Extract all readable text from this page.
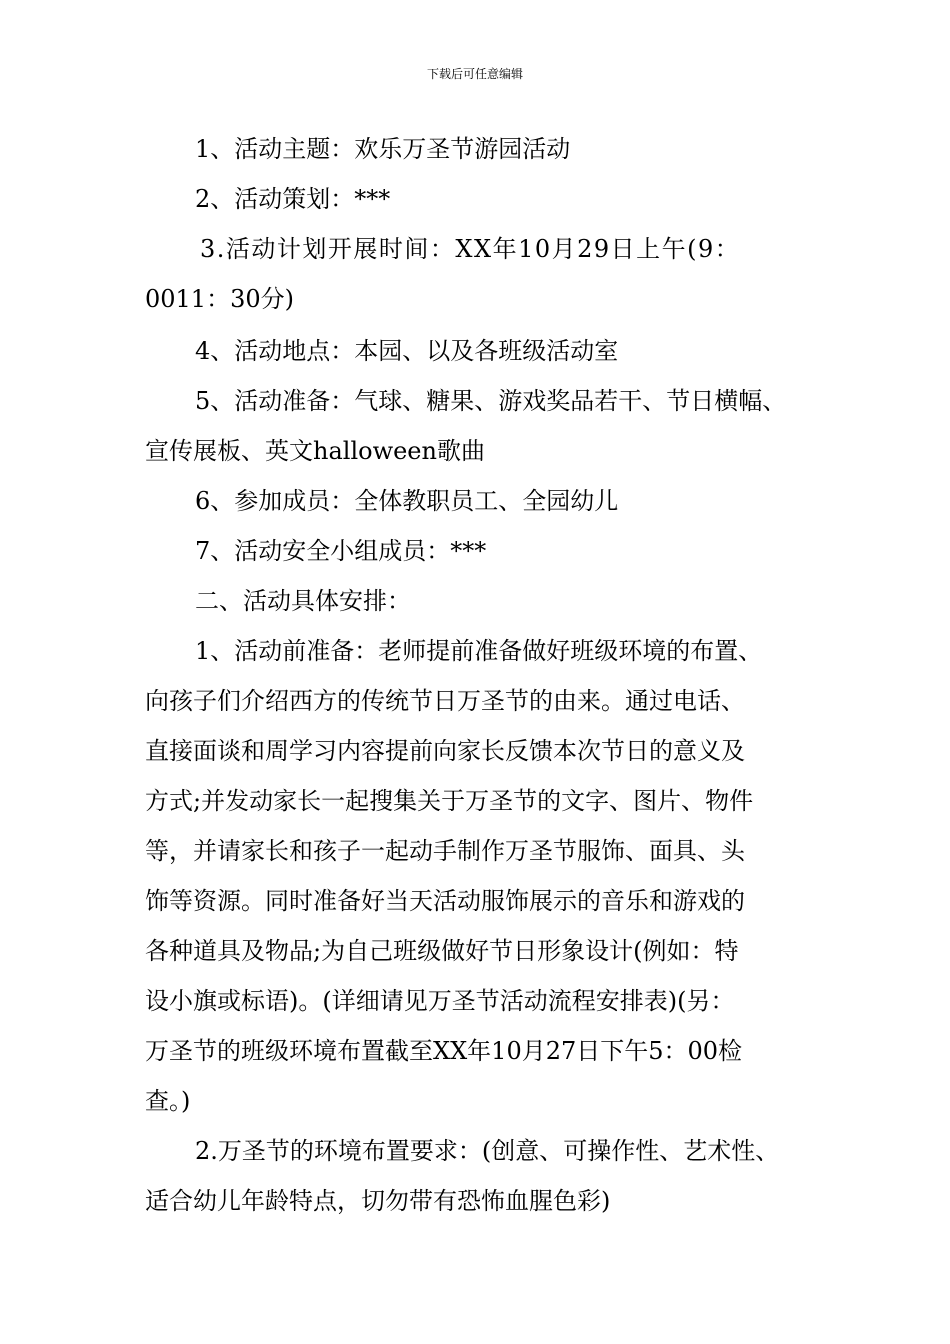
下载后可任意编辑
1、活动主题：欢乐万圣节游园活动
2、活动策划：***
3.活动计划开展时间：XX年10月29日上午(9：
0011：30分)
4、活动地点：本园、以及各班级活动室
5、活动准备：气球、糖果、游戏奖品若干、节日横幅、
宣传展板、英文halloween歌曲
6、参加成员：全体教职员工、全园幼儿
7、活动安全小组成员：***
二、活动具体安排：
1、活动前准备：老师提前准备做好班级环境的布置、
向孩子们介绍西方的传统节日万圣节的由来。通过电话、
直接面谈和周学习内容提前向家长反馈本次节日的意义及
方式;并发动家长一起搜集关于万圣节的文字、图片、物件
等，并请家长和孩子一起动手制作万圣节服饰、面具、头
饰等资源。同时准备好当天活动服饰展示的音乐和游戏的
各种道具及物品;为自己班级做好节日形象设计(例如：特
设小旗或标语)。(详细请见万圣节活动流程安排表)(另：
万圣节的班级环境布置截至XX年10月27日下午5：00检
查。)
2.万圣节的环境布置要求：(创意、可操作性、艺术性、
适合幼儿年龄特点，切勿带有恐怖血腥色彩)
